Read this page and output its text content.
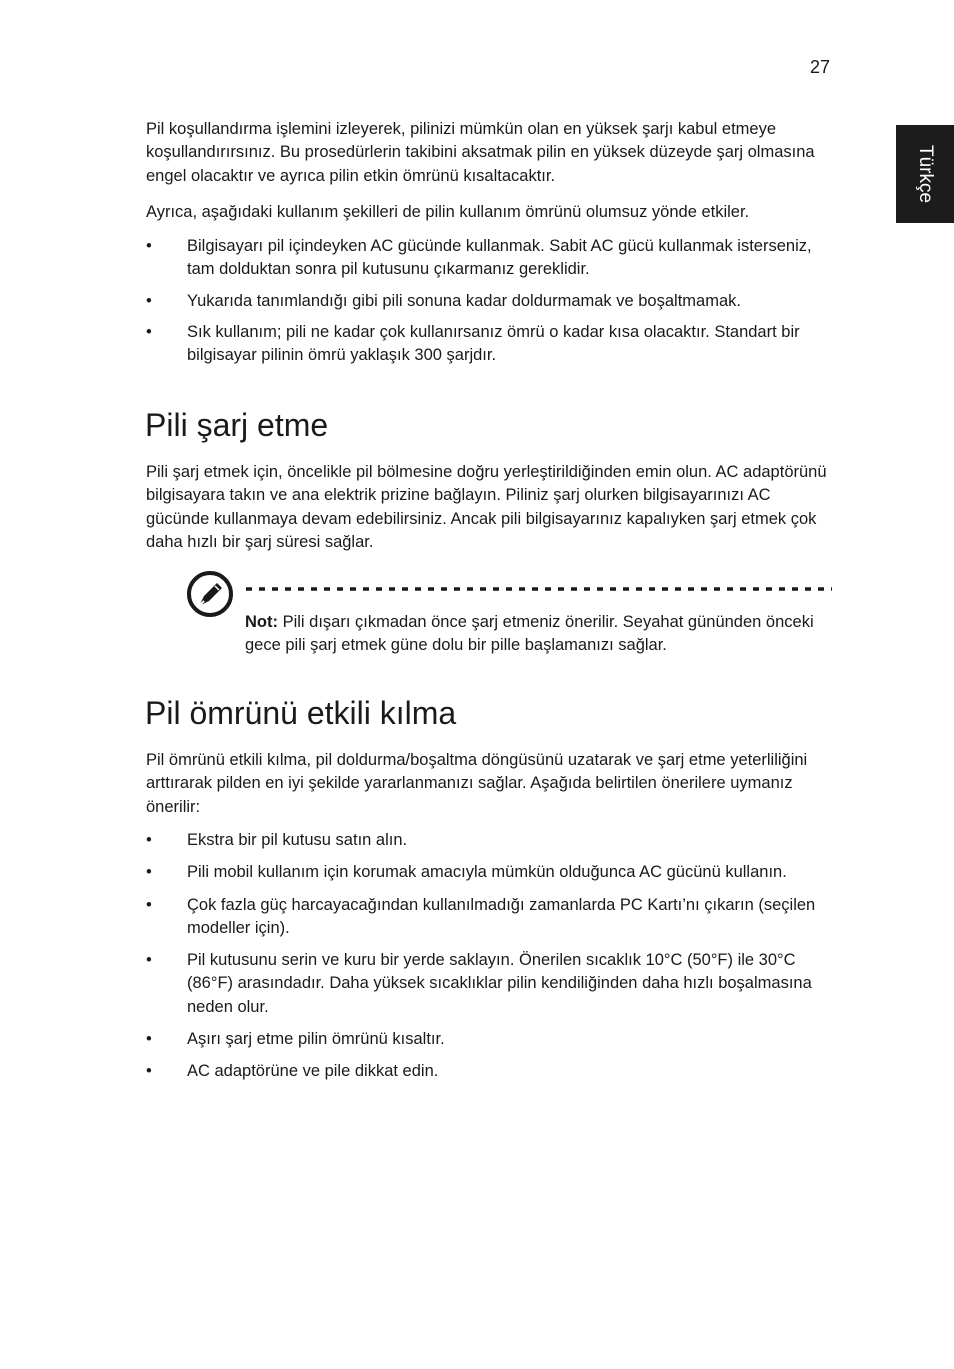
27
Türkçe

Pil koşullandırma işlemini izleyerek, pilinizi mümkün olan en yüksek şarjı kabul etmeye koşullandırırsınız. Bu prosedürlerin takibini aksatmak pilin en yüksek düzeyde şarj olmasına engel olacaktır ve ayrıca pilin etkin ömrünü kısaltacaktır.

Ayrıca, aşağıdaki kullanım şekilleri de pilin kullanım ömrünü olumsuz yönde etkiler.

•	Bilgisayarı pil içindeyken AC gücünde kullanmak. Sabit AC gücü kullanmak isterseniz, tam dolduktan sonra pil kutusunu çıkarmanız gereklidir.
•	Yukarıda tanımlandığı gibi pili sonuna kadar doldurmamak ve boşaltmamak.
•	Sık kullanım; pili ne kadar çok kullanırsanız ömrü o kadar kısa olacaktır. Standart bir bilgisayar pilinin ömrü yaklaşık 300 şarjdır.
Pili şarj etme

Pili şarj etmek için, öncelikle pil bölmesine doğru yerleştirildiğinden emin olun. AC adaptörünü bilgisayara takın ve ana elektrik prizine bağlayın. Piliniz şarj olurken bilgisayarınızı AC gücünde kullanmaya devam edebilirsiniz. Ancak pili bilgisayarınız kapalıyken şarj etmek çok daha hızlı bir şarj süresi sağlar.

Not: Pili dışarı çıkmadan önce şarj etmeniz önerilir. Seyahat gününden önceki gece pili şarj etmek güne dolu bir pille başlamanızı sağlar.

Pil ömrünü etkili kılma

Pil ömrünü etkili kılma, pil doldurma/boşaltma döngüsünü uzatarak ve şarj etme yeterliliğini arttırarak pilden en iyi şekilde yararlanmanızı sağlar. Aşağıda belirtilen önerilere uymanız önerilir:

•	Ekstra bir pil kutusu satın alın.
•	Pili mobil kullanım için korumak amacıyla mümkün olduğunca AC gücünü kullanın.
•	Çok fazla güç harcayacağından kullanılmadığı zamanlarda PC Kartı’nı çıkarın (seçilen modeller için).
•	Pil kutusunu serin ve kuru bir yerde saklayın. Önerilen sıcaklık 10°C (50°F) ile 30°C (86°F) arasındadır. Daha yüksek sıcaklıklar pilin kendiliğinden daha hızlı boşalmasına neden olur.
•	Aşırı şarj etme pilin ömrünü kısaltır.
•	AC adaptörüne ve pile dikkat edin.
